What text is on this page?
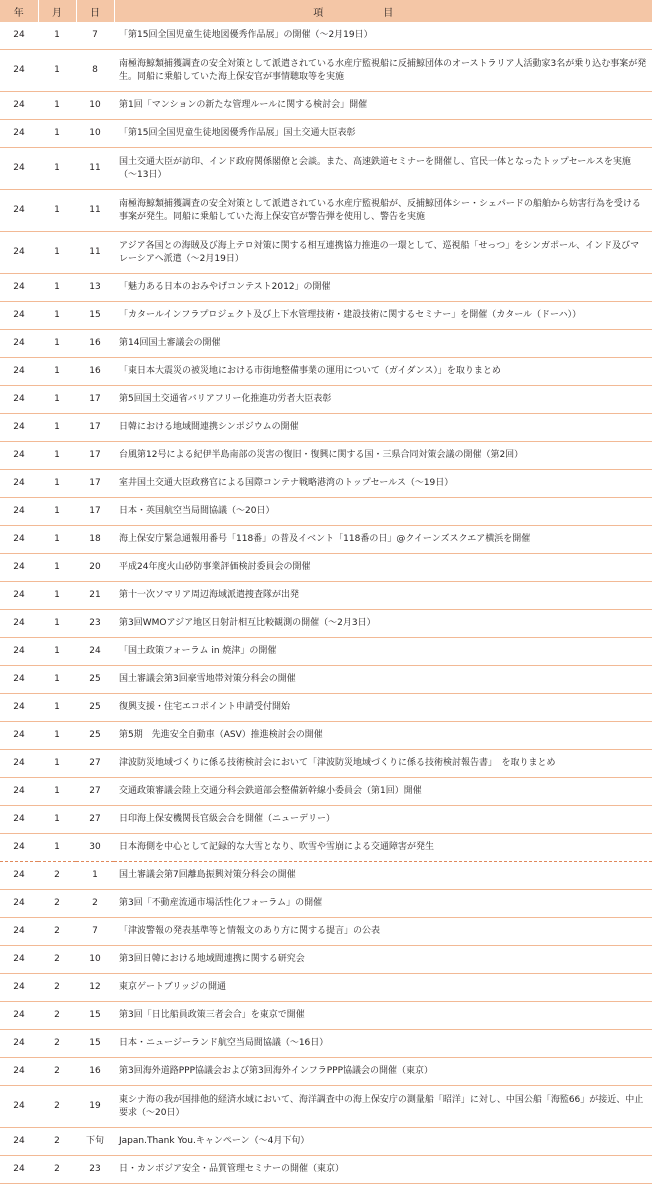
年	月	日	項目
24	1	7	「第15回全国児童生徒地図優秀作品展」の開催（〜2月19日）
24	1	8	南極海鯨類捕獲調査の安全対策として派遣されている水産庁監視船に反捕鯨団体のオーストラリア人活動家3名が乗り込む事案が発生。同船に乗船していた海上保安官が事情聴取等を実施
24	1	10	第1回「マンションの新たな管理ルールに関する検討会」開催
24	1	10	「第15回全国児童生徒地図優秀作品展」国土交通大臣表彰
24	1	11	国土交通大臣が訪印、インド政府関係閣僚と会談。また、高速鉄道セミナーを開催し、官民一体となったトップセールスを実施（〜13日）
24	1	11	南極海鯨類捕獲調査の安全対策として派遣されている水産庁監視船が、反捕鯨団体シー・シェパードの船舶から妨害行為を受ける事案が発生。同船に乗船していた海上保安官が警告弾を使用し、警告を実施
24	1	11	アジア各国との海賊及び海上テロ対策に関する相互連携協力推進の一環として、巡視船「せっつ」をシンガポール、インド及びマレーシアへ派遣（〜2月19日）
24	1	13	「魅力ある日本のおみやげコンテスト2012」の開催
24	1	15	「カタールインフラプロジェクト及び上下水管理技術・建設技術に関するセミナー」を開催（カタール（ドーハ））
24	1	16	第14回国土審議会の開催
24	1	16	「東日本大震災の被災地における市街地整備事業の運用について（ガイダンス）」を取りまとめ
24	1	17	第5回国土交通省バリアフリー化推進功労者大臣表彰
24	1	17	日韓における地域間連携シンポジウムの開催
24	1	17	台風第12号による紀伊半島南部の災害の復旧・復興に関する国・三県合同対策会議の開催（第2回）
24	1	17	室井国土交通大臣政務官による国際コンテナ戦略港湾のトップセールス（〜19日）
24	1	17	日本・英国航空当局間協議（〜20日）
24	1	18	海上保安庁緊急通報用番号「118番」の普及イベント「118番の日」@クイーンズスクエア横浜を開催
24	1	20	平成24年度火山砂防事業評価検討委員会の開催
24	1	21	第十一次ソマリア周辺海域派遣捜査隊が出発
24	1	23	第3回WMOアジア地区日射計相互比較観測の開催（〜2月3日）
24	1	24	「国土政策フォーラム in 焼津」の開催
24	1	25	国土審議会第3回豪雪地帯対策分科会の開催
24	1	25	復興支援・住宅エコポイント申請受付開始
24	1	25	第5期　先進安全自動車（ASV）推進検討会の開催
24	1	27	津波防災地域づくりに係る技術検討会において「津波防災地域づくりに係る技術検討報告書」　を取りまとめ
24	1	27	交通政策審議会陸上交通分科会鉄道部会整備新幹線小委員会（第1回）開催
24	1	27	日印海上保安機関長官級会合を開催（ニューデリー）
24	1	30	日本海側を中心として記録的な大雪となり、吹雪や雪崩による交通障害が発生
24	2	1	国土審議会第7回離島振興対策分科会の開催
24	2	2	第3回「不動産流通市場活性化フォーラム」の開催
24	2	7	「津波警報の発表基準等と情報文のあり方に関する提言」の公表
24	2	10	第3回日韓における地域間連携に関する研究会
24	2	12	東京ゲートブリッジの開通
24	2	15	第3回「日比船員政策三者会合」を東京で開催
24	2	15	日本・ニュージーランド航空当局間協議（〜16日）
24	2	16	第3回海外道路PPP協議会および第3回海外インフラPPP協議会の開催（東京）
24	2	19	東シナ海の我が国排他的経済水域において、海洋調査中の海上保安庁の測量船「昭洋」に対し、中国公船「海監66」が接近、中止要求（〜20日）
24	2	下旬	Japan.Thank You.キャンペーン（〜4月下旬）
24	2	23	日・カンボジア安全・品質管理セミナーの開催（東京）
